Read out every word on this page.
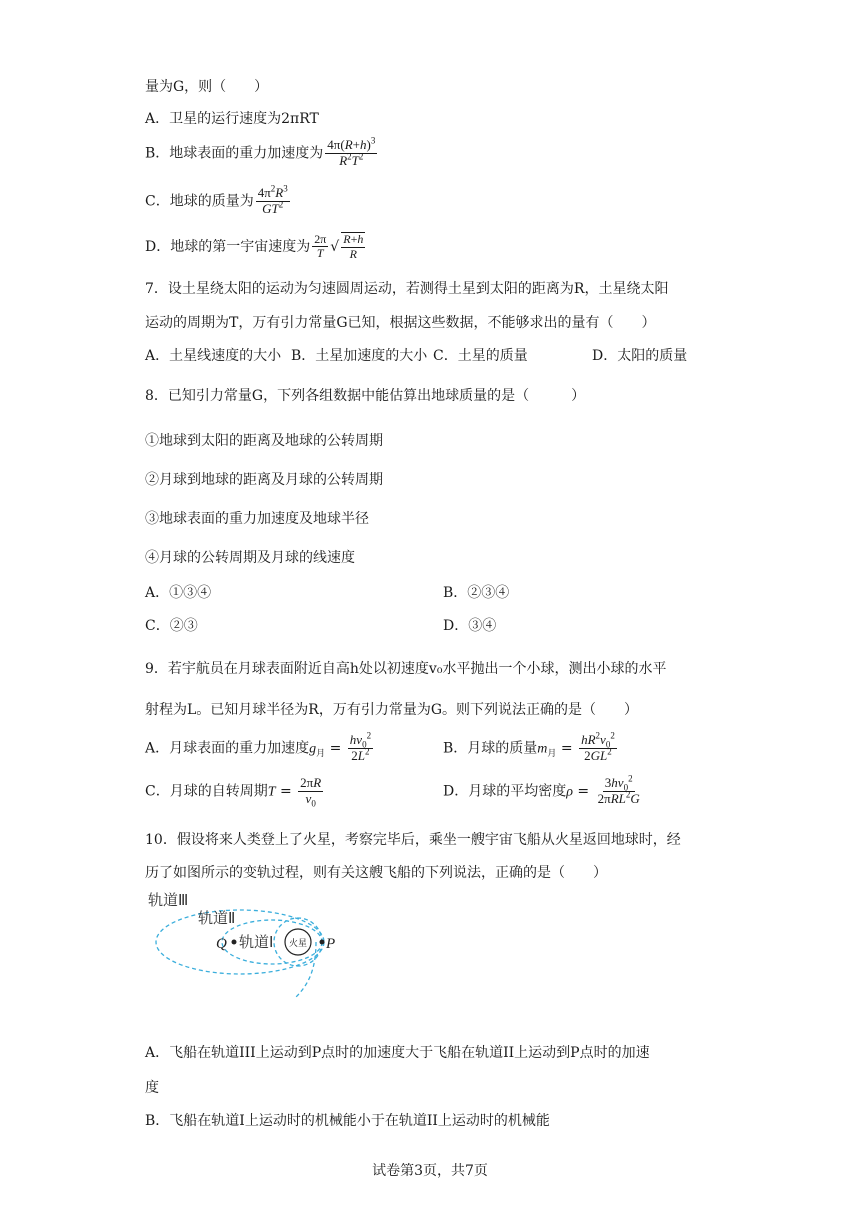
量为G，则（　　）
A．卫星的运行速度为2πRT
B．地球表面的重力加速度为 $\frac{4\pi(R+h)^3}{R^2T^2}$
C．地球的质量为 $\frac{4\pi^2R^3}{GT^2}$
D．地球的第一宇宙速度为 $\frac{2\pi}{T}$ √ $\frac{R+h}{R}$
7．设土星绕太阳的运动为匀速圆周运动，若测得土星到太阳的距离为R，土星绕太阳
运动的周期为T，万有引力常量G已知，根据这些数据，不能够求出的量有（　　）
A．土星线速度的大小 B．土星加速度的大小 C．土星的质量	D．太阳的质量
8．已知引力常量G，下列各组数据中能估算出地球质量的是（　　　）
①地球到太阳的距离及地球的公转周期
②月球到地球的距离及月球的公转周期
③地球表面的重力加速度及地球半径
④月球的公转周期及月球的线速度
A．①③④	B．②③④
C．②③	D．③④
9．若宇航员在月球表面附近自高h处以初速度v₀水平抛出一个小球，测出小球的水平
射程为L。已知月球半径为R，万有引力常量为G。则下列说法正确的是（　　）
A．月球表面的重力加速度$g_月 = \frac{hv_0^2}{2L^2}$	B．月球的质量$m_月 = \frac{hR^2v_0^2}{2GL^2}$
C．月球的自转周期$T = \frac{2\pi R}{v_0}$	D．月球的平均密度$\rho = \frac{3hv_0^2}{2\pi RL^2G}$
10．假设将来人类登上了火星，考察完毕后，乘坐一艘宇宙飞船从火星返回地球时，经
历了如图所示的变轨过程，则有关这艘飞船的下列说法，正确的是（　　）
火星
Q	P
轨道Ⅲ
轨道Ⅱ
轨道Ⅰ
A．飞船在轨道III上运动到P点时的加速度大于飞船在轨道II上运动到P点时的加速
度
B．飞船在轨道I上运动时的机械能小于在轨道II上运动时的机械能
试卷第3页，共7页
